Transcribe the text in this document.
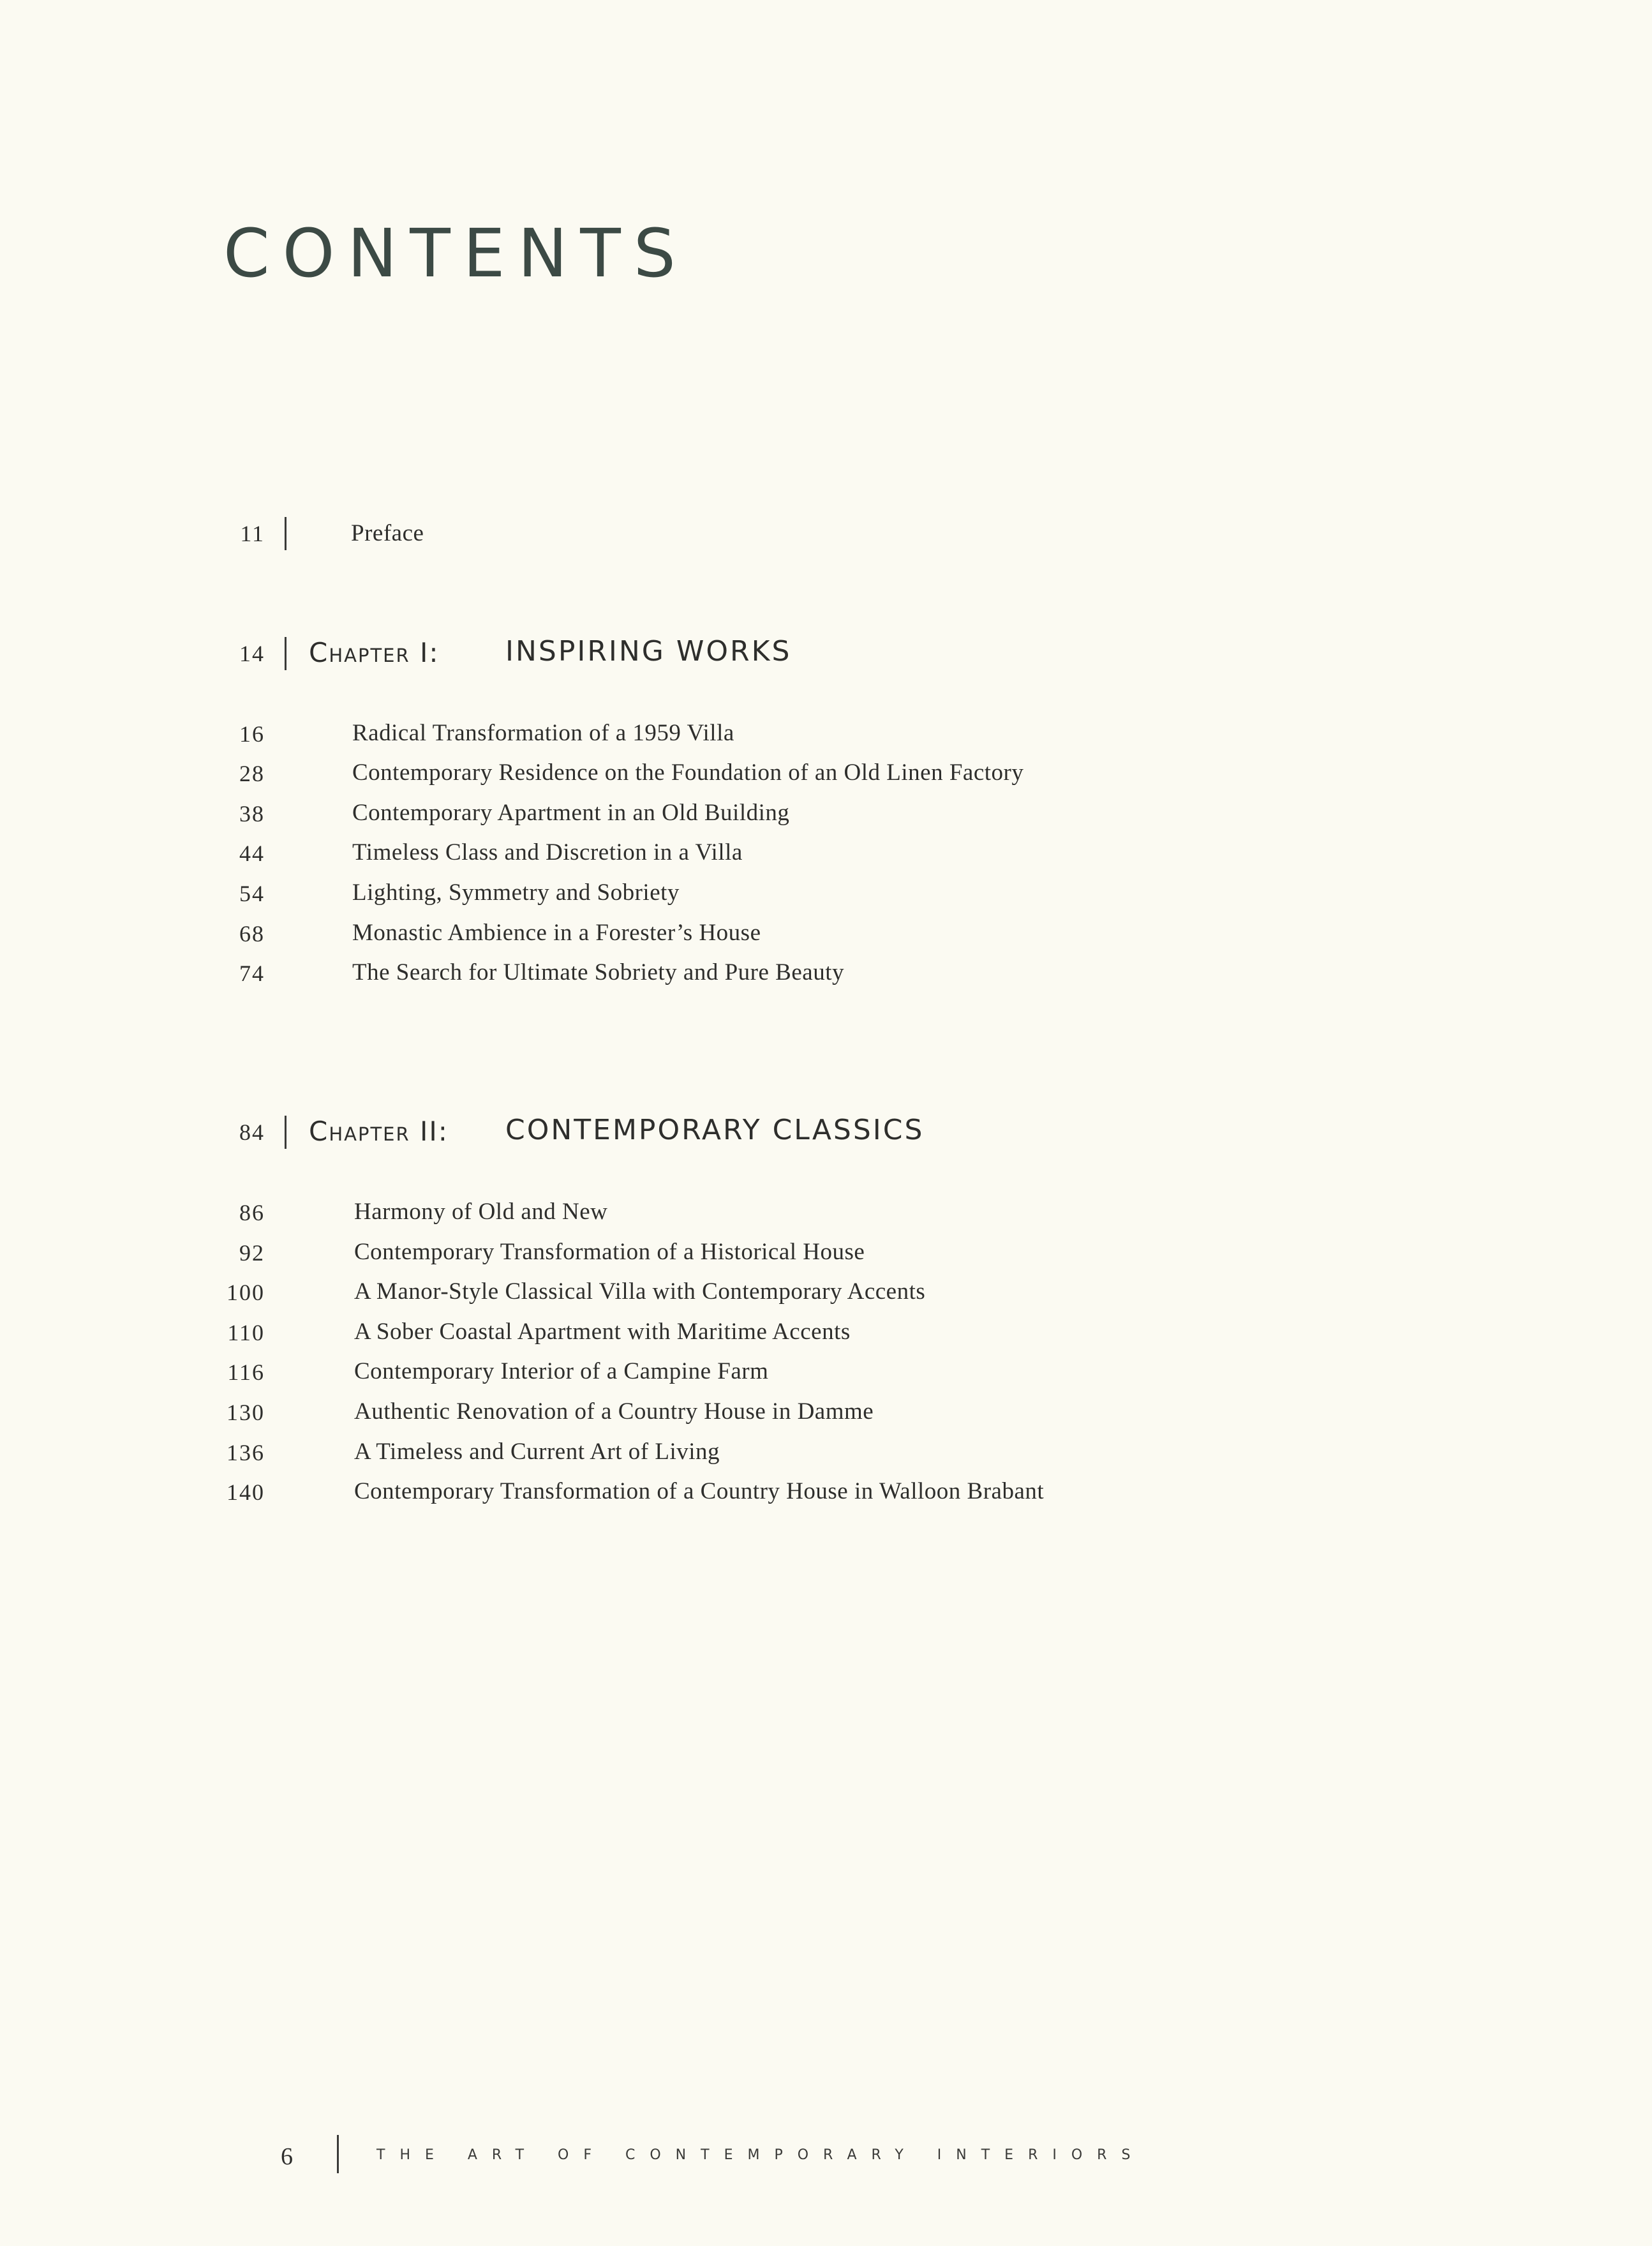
CONTENTS
11	Preface
14 Chapter I: INSPIRING WORKS
16	Radical Transformation of a 1959 Villa
28	Contemporary Residence on the Foundation of an Old Linen Factory
38	Contemporary Apartment in an Old Building
44	Timeless Class and Discretion in a Villa
54	Lighting, Symmetry and Sobriety
68	Monastic Ambience in a Forester’s House
74	The Search for Ultimate Sobriety and Pure Beauty
84 Chapter II: CONTEMPORARY CLASSICS
86	Harmony of Old and New
92	Contemporary Transformation of a Historical House
100	A Manor-Style Classical Villa with Contemporary Accents
110	A Sober Coastal Apartment with Maritime Accents
116	Contemporary Interior of a Campine Farm
130	Authentic Renovation of a Country House in Damme
136	A Timeless and Current Art of Living
140	Contemporary Transformation of a Country House in Walloon Brabant
6	THE ART OF CONTEMPORARY INTERIORS
